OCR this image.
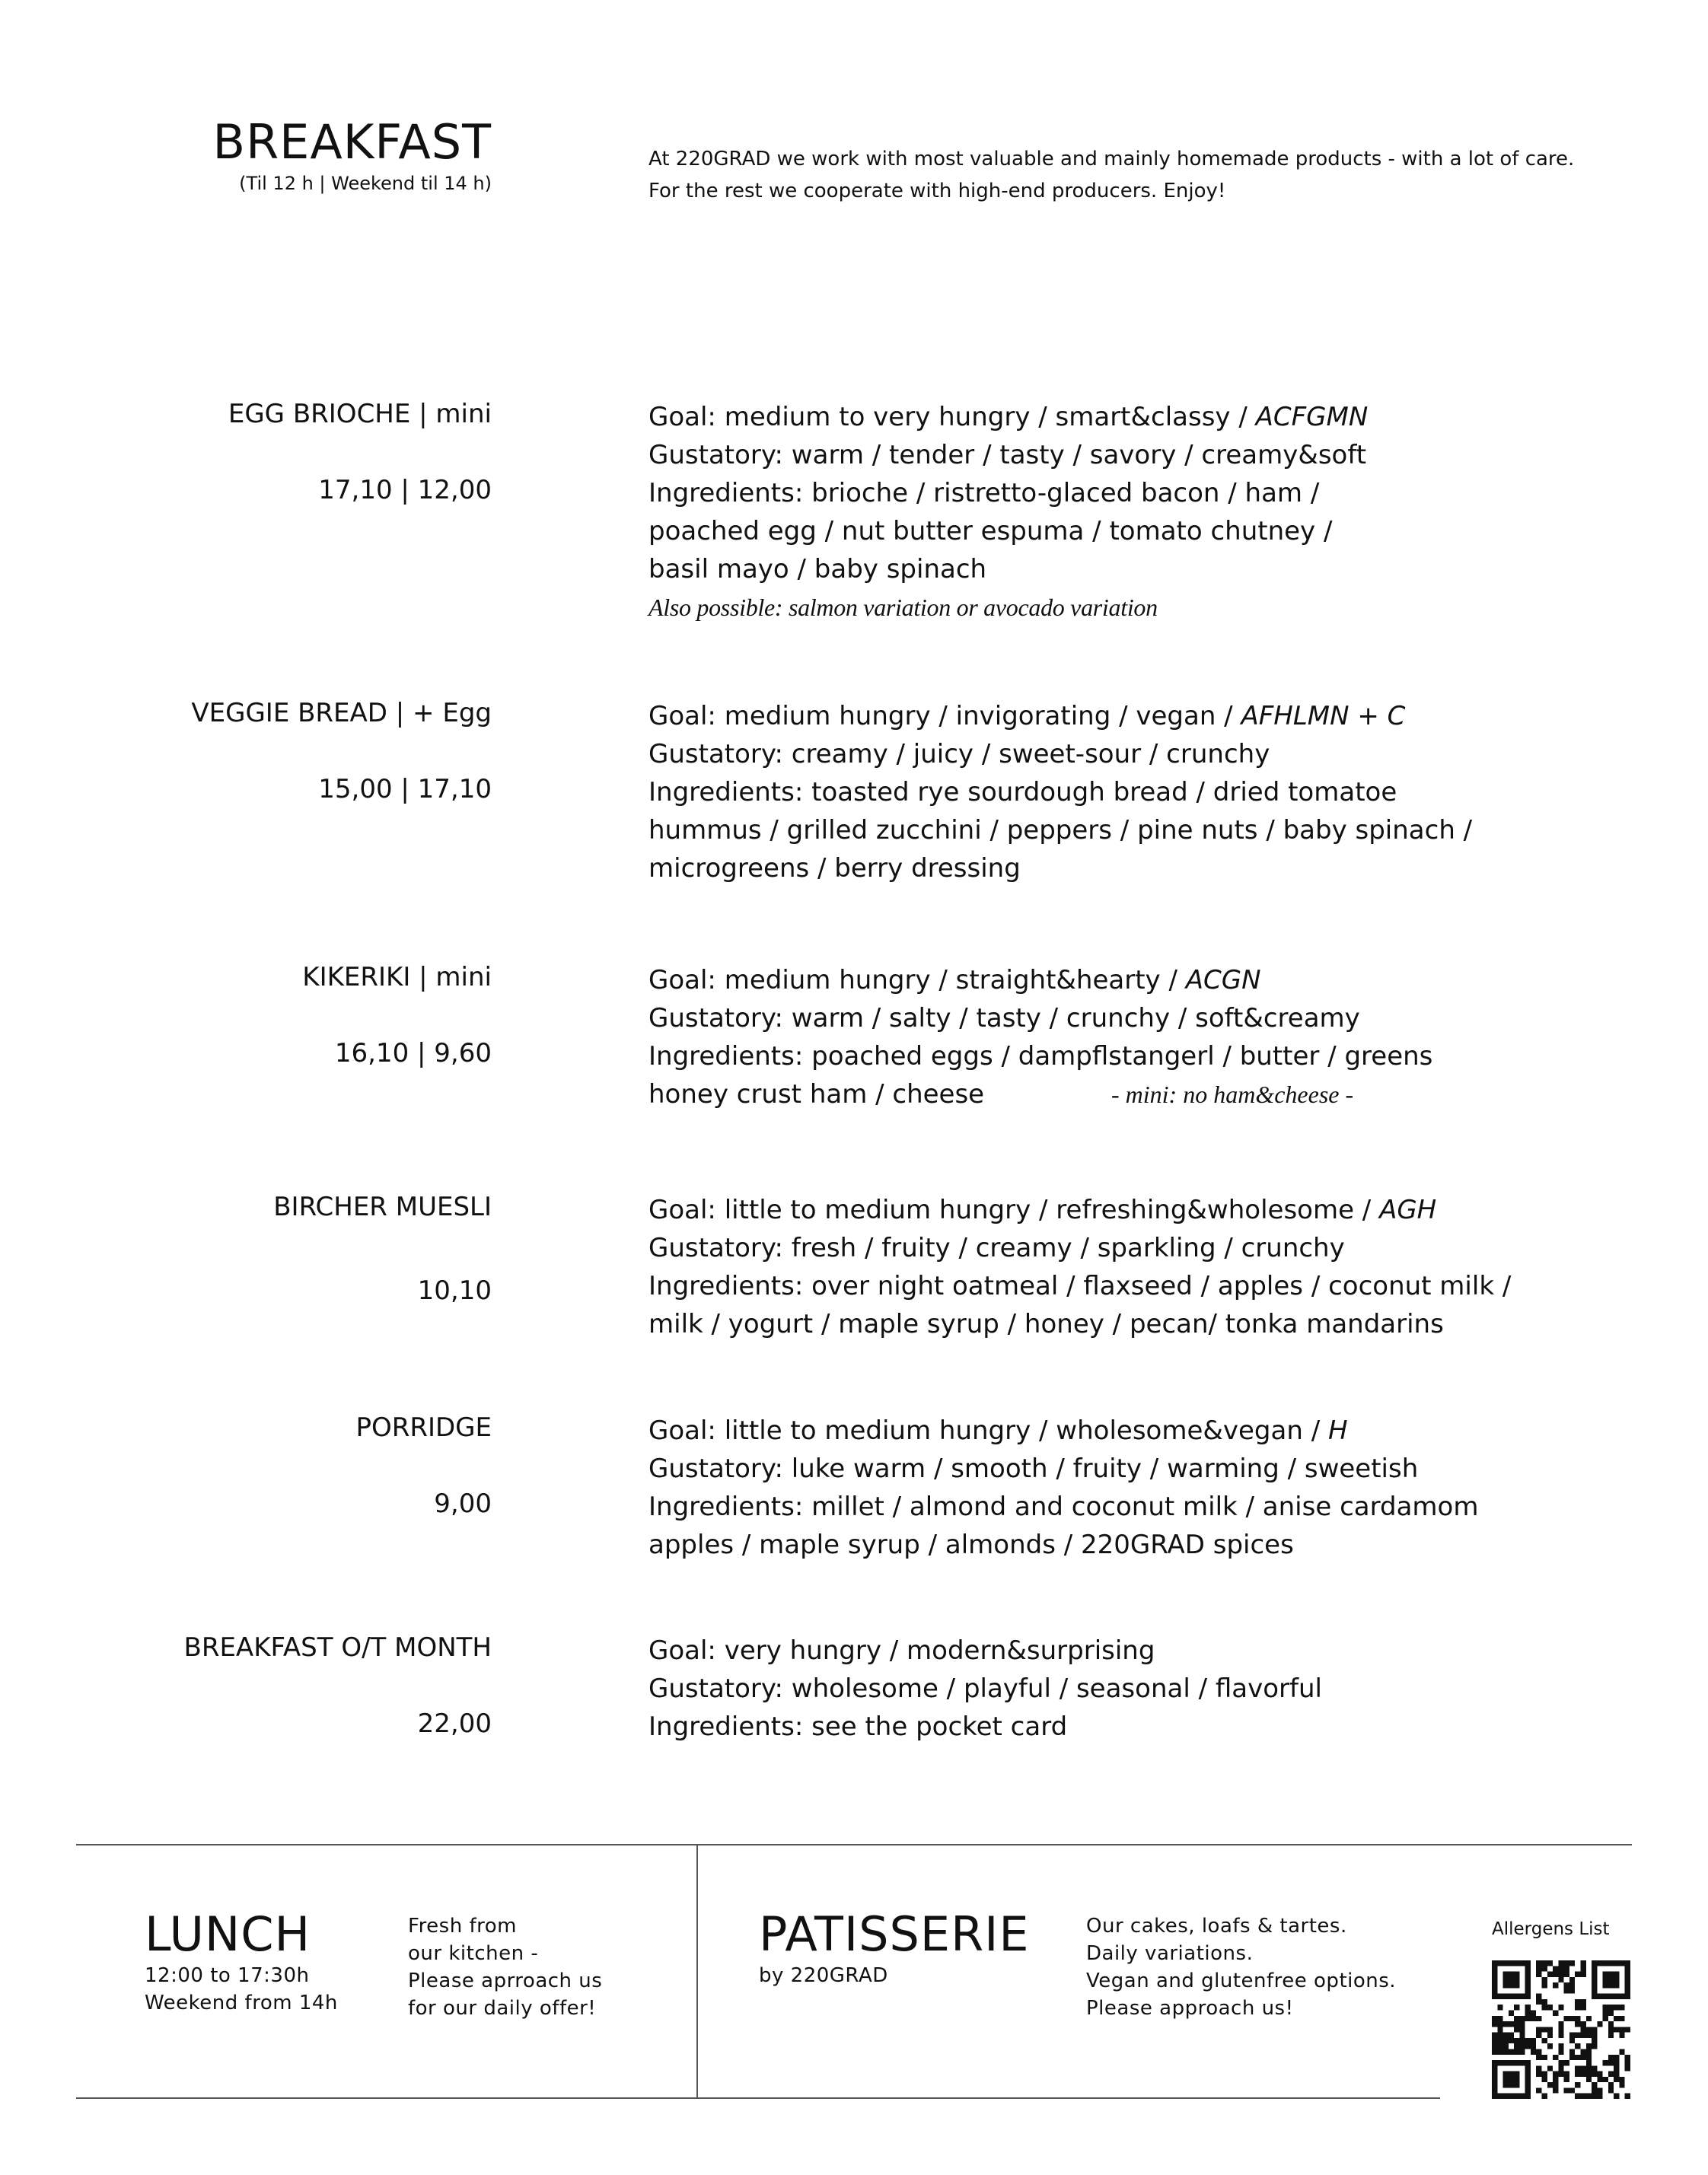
BREAKFAST
(Til 12 h | Weekend til 14 h)
At 220GRAD we work with most valuable and mainly homemade products - with a lot of care.
For the rest we cooperate with high-end producers. Enjoy!
EGG BRIOCHE | mini
17,10 | 12,00
Goal: medium to very hungry / smart&classy / ACFGMN
Gustatory: warm / tender / tasty / savory / creamy&soft
Ingredients: brioche / ristretto-glaced bacon / ham /
poached egg / nut butter espuma / tomato chutney /
basil mayo / baby spinach
Also possible: salmon variation or avocado variation
VEGGIE BREAD | + Egg
15,00 | 17,10
Goal: medium hungry / invigorating / vegan / AFHLMN + C
Gustatory: creamy / juicy / sweet-sour / crunchy
Ingredients: toasted rye sourdough bread / dried tomatoe
hummus / grilled zucchini / peppers / pine nuts / baby spinach /
microgreens / berry dressing
KIKERIKI | mini
16,10 | 9,60
Goal: medium hungry / straight&hearty / ACGN
Gustatory: warm / salty / tasty / crunchy / soft&creamy
Ingredients: poached eggs / dampflstangerl / butter / greens
honey crust ham / cheese	- mini: no ham&cheese -
BIRCHER MUESLI
10,10
Goal: little to medium hungry / refreshing&wholesome / AGH
Gustatory: fresh / fruity / creamy / sparkling / crunchy
Ingredients: over night oatmeal / flaxseed / apples / coconut milk /
milk / yogurt / maple syrup / honey / pecan/ tonka mandarins
PORRIDGE
9,00
Goal: little to medium hungry / wholesome&vegan / H
Gustatory: luke warm / smooth / fruity / warming / sweetish
Ingredients: millet / almond and coconut milk / anise cardamom
apples / maple syrup / almonds / 220GRAD spices
BREAKFAST O/T MONTH
22,00
Goal: very hungry / modern&surprising
Gustatory: wholesome / playful / seasonal / flavorful
Ingredients: see the pocket card
LUNCH
12:00 to 17:30h
Weekend from 14h
Fresh from
our kitchen -
Please aprroach us
for our daily offer!
PATISSERIE
by 220GRAD
Our cakes, loafs & tartes.
Daily variations.
Vegan and glutenfree options.
Please approach us!
Allergens List
